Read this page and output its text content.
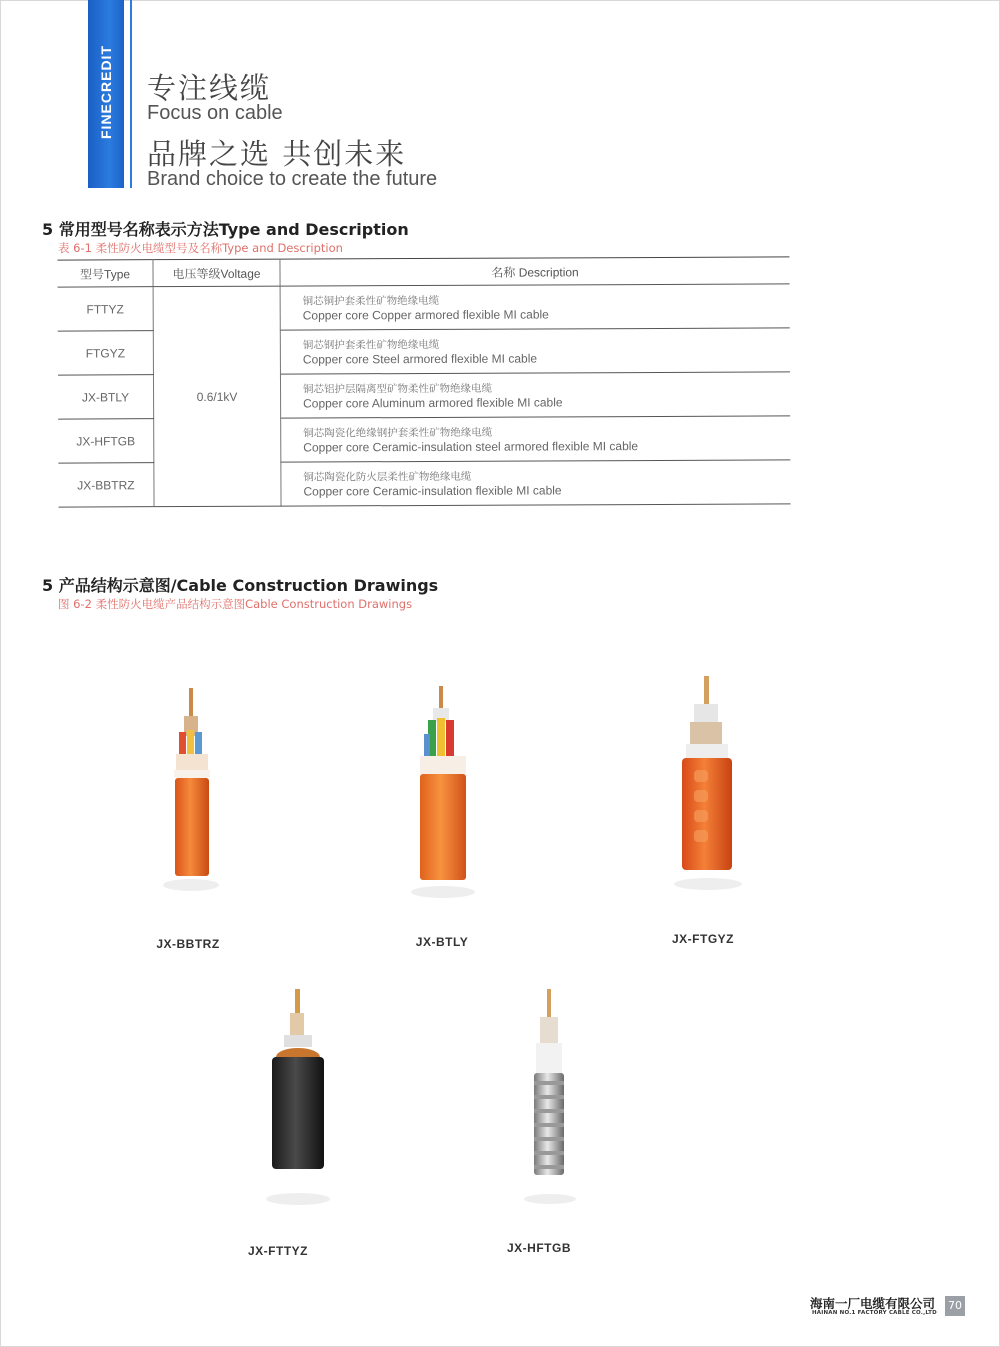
FINECREDIT 专注线缆
Focus on cable
品牌之选 共创未来
Brand choice to create the future
5 常用型号名称表示方法Type and Description
表 6-1 柔性防火电缆型号及名称Type and Description
型号Type	电压等级Voltage	名称 Description
FTTYZ	0.6/1kV	铜芯铜护套柔性矿物绝缘电缆
Copper core Copper armored flexible MI cable

FTGYZ		铜芯钢护套柔性矿物绝缘电缆
Copper core Steel armored flexible MI cable

JX-BTLY		铜芯铝护层隔离型矿物柔性矿物绝缘电缆
Copper core Aluminum armored flexible MI cable

JX-HFTGB		铜芯陶瓷化绝缘钢护套柔性矿物绝缘电缆
Copper core Ceramic-insulation steel armored flexible MI cable

JX-BBTRZ		铜芯陶瓷化防火层柔性矿物绝缘电缆
Copper core Ceramic-insulation flexible MI cable
5 产品结构示意图/Cable Construction Drawings
图 6-2 柔性防火电缆产品结构示意图Cable Construction Drawings
JX-BBTRZ	JX-BTLY	JX-FTGYZ
JX-FTTYZ	JX-HFTGB
海南一厂电缆有限公司
HAINAN NO.1 FACTORY CABLE CO.,LTD
70
